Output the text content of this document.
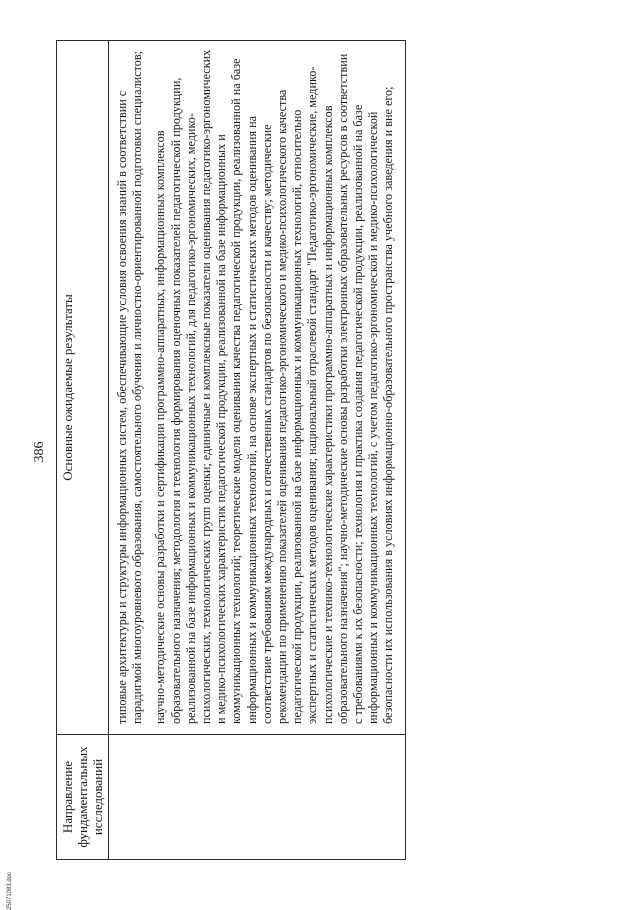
386
Направление фундаментальных исследований	Основные ожидаемые результаты

	типовые архитектуры и структуры информационных систем, обеспечивающие условия освоения знаний в соответствии с парадигмой многоуровневого образования, самостоятельного обучения и личностно-ориентированной подготовки специалистов; научно-методические основы разработки и сертификации программно-аппаратных, информационных комплексов образовательного назначения; методология и технология формирования оценочных показателей педагогической продукции, реализованной на базе информационных и коммуникационных технологий, для педагогико-эргономических, медико-психологических, технологических групп оценки; единичные и комплексные показатели оценивания педагогико-эргономических и медико-психологических характеристик педагогической продукции, реализованной на базе информационных и коммуникационных технологий; теоретические модели оценивания качества педагогической продукции, реализованной на базе информационных и коммуникационных технологий, на основе экспертных и статистических методов оценивания на соответствие требованиям международных и отечественных стандартов по безопасности и качеству; методические рекомендации по применению показателей оценивания педагогико-эргономического и медико-психологического качества педагогической продукции, реализованной на базе информационных и коммуникационных технологий, относительно экспертных и статистических методов оценивания; национальный отраслевой стандарт "Педагогико-эргономические, медико-психологические и технико-технологические характеристики программно-аппаратных и информационных комплексов образовательного назначения"; научно-методические основы разработки электронных образовательных ресурсов в соответствии с требованиями к их безопасности; технология и практика создания педагогической продукции, реализованной на базе информационных и коммуникационных технологий, с учетом педагогико-эргономической и медико-психологической безопасности их использования в условиях информационно-образовательного пространства учебного заведения и вне его;

25071083.doc
